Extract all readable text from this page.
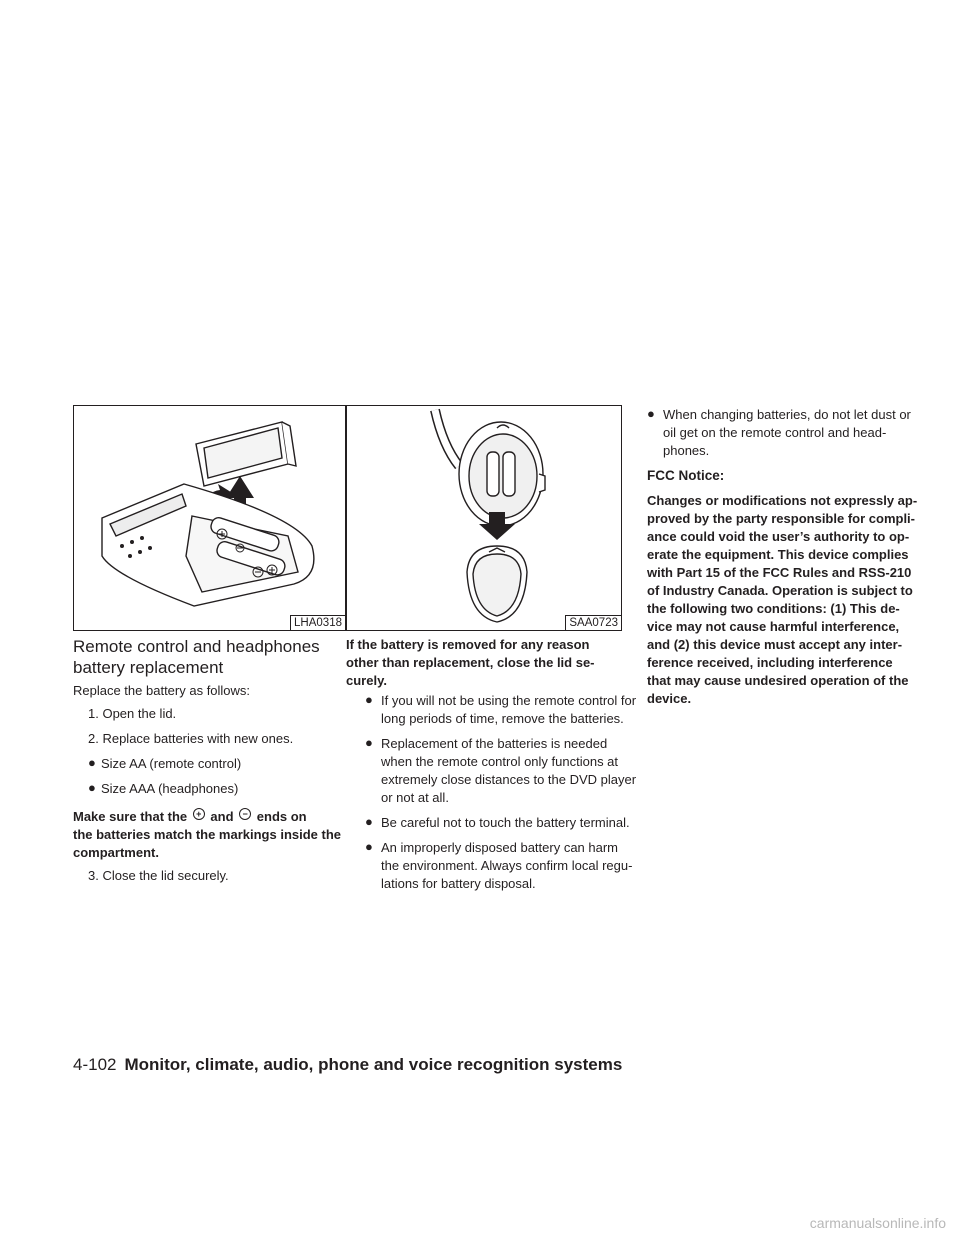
LHA0318	SAA0723
Remote control and headphones
battery replacement
Replace the battery as follows:
1. Open the lid.
2. Replace batteries with new ones.
● Size AA (remote control)
● Size AAA (headphones)
Make sure that the + and − ends on
the batteries match the markings inside the
compartment.
3. Close the lid securely.
If the battery is removed for any reason
other than replacement, close the lid se-
curely.
● If you will not be using the remote control for
long periods of time, remove the batteries.
● Replacement of the batteries is needed
when the remote control only functions at
extremely close distances to the DVD player
or not at all.
● Be careful not to touch the battery terminal.
● An improperly disposed battery can harm
the environment. Always confirm local regu-
lations for battery disposal.
● When changing batteries, do not let dust or
oil get on the remote control and head-
phones.
FCC Notice:
Changes or modifications not expressly ap-
proved by the party responsible for compli-
ance could void the user’s authority to op-
erate the equipment. This device complies
with Part 15 of the FCC Rules and RSS-210
of Industry Canada. Operation is subject to
the following two conditions: (1) This de-
vice may not cause harmful interference,
and (2) this device must accept any inter-
ference received, including interference
that may cause undesired operation of the
device.
4-102 Monitor, climate, audio, phone and voice recognition systems
carmanualsonline.info
